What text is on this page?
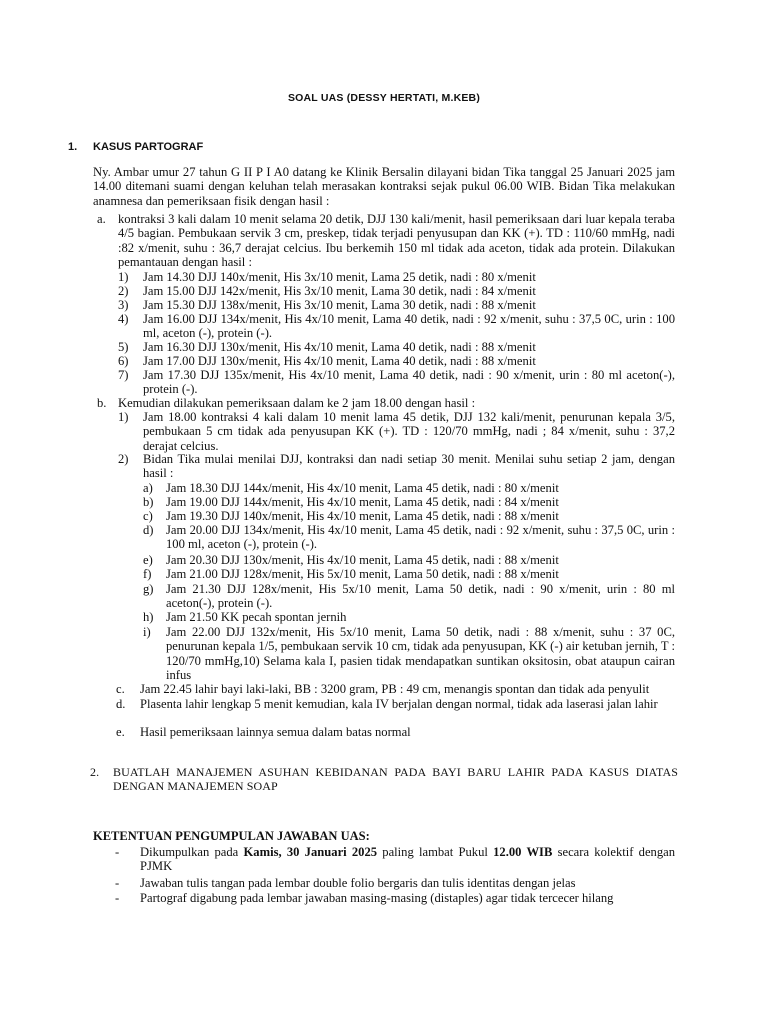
SOAL UAS (DESSY HERTATI, M.KEB)
1. KASUS PARTOGRAF
Ny. Ambar umur 27 tahun G II P I A0 datang ke Klinik Bersalin dilayani bidan Tika tanggal 25 Januari 2025 jam 14.00 ditemani suami dengan keluhan telah merasakan kontraksi sejak pukul 06.00 WIB. Bidan Tika melakukan anamnesa dan pemeriksaan fisik dengan hasil :
a. kontraksi 3 kali dalam 10 menit selama 20 detik, DJJ 130 kali/menit, hasil pemeriksaan dari luar kepala teraba 4/5 bagian. Pembukaan servik 3 cm, preskep, tidak terjadi penyusupan dan KK (+). TD : 110/60 mmHg, nadi :82 x/menit, suhu : 36,7 derajat celcius. Ibu berkemih 150 ml tidak ada aceton, tidak ada protein. Dilakukan pemantauan dengan hasil :
1) Jam 14.30 DJJ 140x/menit, His 3x/10 menit, Lama 25 detik, nadi : 80 x/menit
2) Jam 15.00 DJJ 142x/menit, His 3x/10 menit, Lama 30 detik, nadi : 84 x/menit
3) Jam 15.30 DJJ 138x/menit, His 3x/10 menit, Lama 30 detik, nadi : 88 x/menit
4) Jam 16.00 DJJ 134x/menit, His 4x/10 menit, Lama 40 detik, nadi : 92 x/menit, suhu : 37,5 0C, urin : 100 ml, aceton (-), protein (-).
5) Jam 16.30 DJJ 130x/menit, His 4x/10 menit, Lama 40 detik, nadi : 88 x/menit
6) Jam 17.00 DJJ 130x/menit, His 4x/10 menit, Lama 40 detik, nadi : 88 x/menit
7) Jam 17.30 DJJ 135x/menit, His 4x/10 menit, Lama 40 detik, nadi : 90 x/menit, urin : 80 ml aceton(-), protein (-).
b. Kemudian dilakukan pemeriksaan dalam ke 2 jam 18.00 dengan hasil :
1) Jam 18.00 kontraksi 4 kali dalam 10 menit lama 45 detik, DJJ 132 kali/menit, penurunan kepala 3/5, pembukaan 5 cm tidak ada penyusupan KK (+). TD : 120/70 mmHg, nadi ; 84 x/menit, suhu : 37,2 derajat celcius.
2) Bidan Tika mulai menilai DJJ, kontraksi dan nadi setiap 30 menit. Menilai suhu setiap 2 jam, dengan hasil :
a) Jam 18.30 DJJ 144x/menit, His 4x/10 menit, Lama 45 detik, nadi : 80 x/menit
b) Jam 19.00 DJJ 144x/menit, His 4x/10 menit, Lama 45 detik, nadi : 84 x/menit
c) Jam 19.30 DJJ 140x/menit, His 4x/10 menit, Lama 45 detik, nadi : 88 x/menit
d) Jam 20.00 DJJ 134x/menit, His 4x/10 menit, Lama 45 detik, nadi : 92 x/menit, suhu : 37,5 0C, urin : 100 ml, aceton (-), protein (-).
e) Jam 20.30 DJJ 130x/menit, His 4x/10 menit, Lama 45 detik, nadi : 88 x/menit
f) Jam 21.00 DJJ 128x/menit, His 5x/10 menit, Lama 50 detik, nadi : 88 x/menit
g) Jam 21.30 DJJ 128x/menit, His 5x/10 menit, Lama 50 detik, nadi : 90 x/menit, urin : 80 ml aceton(-), protein (-).
h) Jam 21.50 KK pecah spontan jernih
i) Jam 22.00 DJJ 132x/menit, His 5x/10 menit, Lama 50 detik, nadi : 88 x/menit, suhu : 37 0C, penurunan kepala 1/5, pembukaan servik 10 cm, tidak ada penyusupan, KK (-) air ketuban jernih, T : 120/70 mmHg,10) Selama kala I, pasien tidak mendapatkan suntikan oksitosin, obat ataupun cairan infus
c. Jam 22.45 lahir bayi laki-laki, BB : 3200 gram, PB : 49 cm, menangis spontan dan tidak ada penyulit
d. Plasenta lahir lengkap 5 menit kemudian, kala IV berjalan dengan normal, tidak ada laserasi jalan lahir
e. Hasil pemeriksaan lainnya semua dalam batas normal
2. BUATLAH MANAJEMEN ASUHAN KEBIDANAN PADA BAYI BARU LAHIR PADA KASUS DIATAS DENGAN MANAJEMEN SOAP
KETENTUAN PENGUMPULAN JAWABAN UAS:
- Dikumpulkan pada Kamis, 30 Januari 2025 paling lambat Pukul 12.00 WIB secara kolektif dengan PJMK
- Jawaban tulis tangan pada lembar double folio bergaris dan tulis identitas dengan jelas
- Partograf digabung pada lembar jawaban masing-masing (distaples) agar tidak tercecer hilang
